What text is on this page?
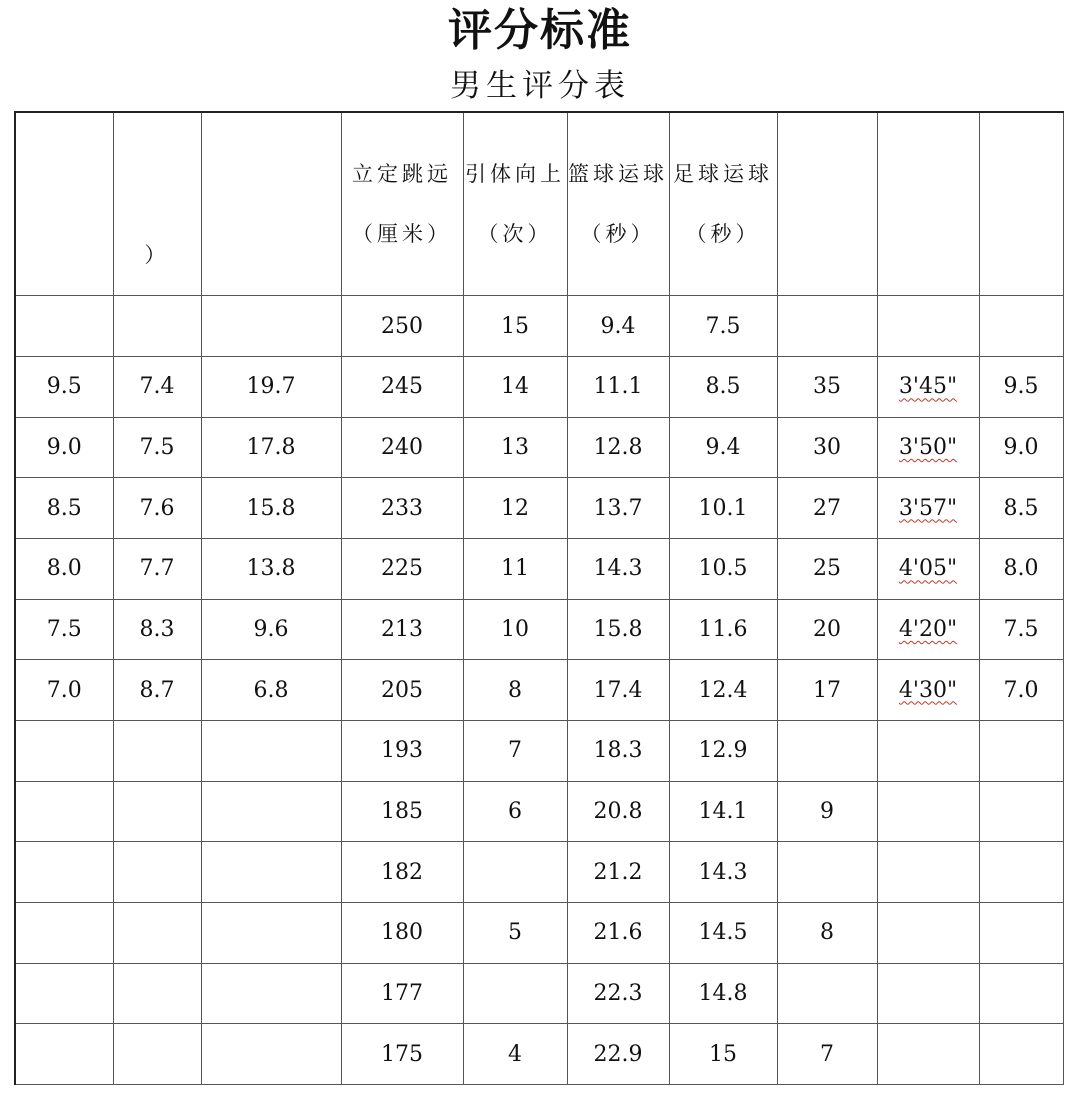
评分标准
男生评分表
	）		立定跳远（厘米）	引体向上（次）	篮球运球（秒）	足球运球（秒）			
			250	15	9.4	7.5			
9.5	7.4	19.7	245	14	11.1	8.5	35	3'45"	9.5
9.0	7.5	17.8	240	13	12.8	9.4	30	3'50"	9.0
8.5	7.6	15.8	233	12	13.7	10.1	27	3'57"	8.5
8.0	7.7	13.8	225	11	14.3	10.5	25	4'05"	8.0
7.5	8.3	9.6	213	10	15.8	11.6	20	4'20"	7.5
7.0	8.7	6.8	205	8	17.4	12.4	17	4'30"	7.0
			193	7	18.3	12.9			
			185	6	20.8	14.1	9		
			182		21.2	14.3			
			180	5	21.6	14.5	8		
			177		22.3	14.8			
			175	4	22.9	15	7		
